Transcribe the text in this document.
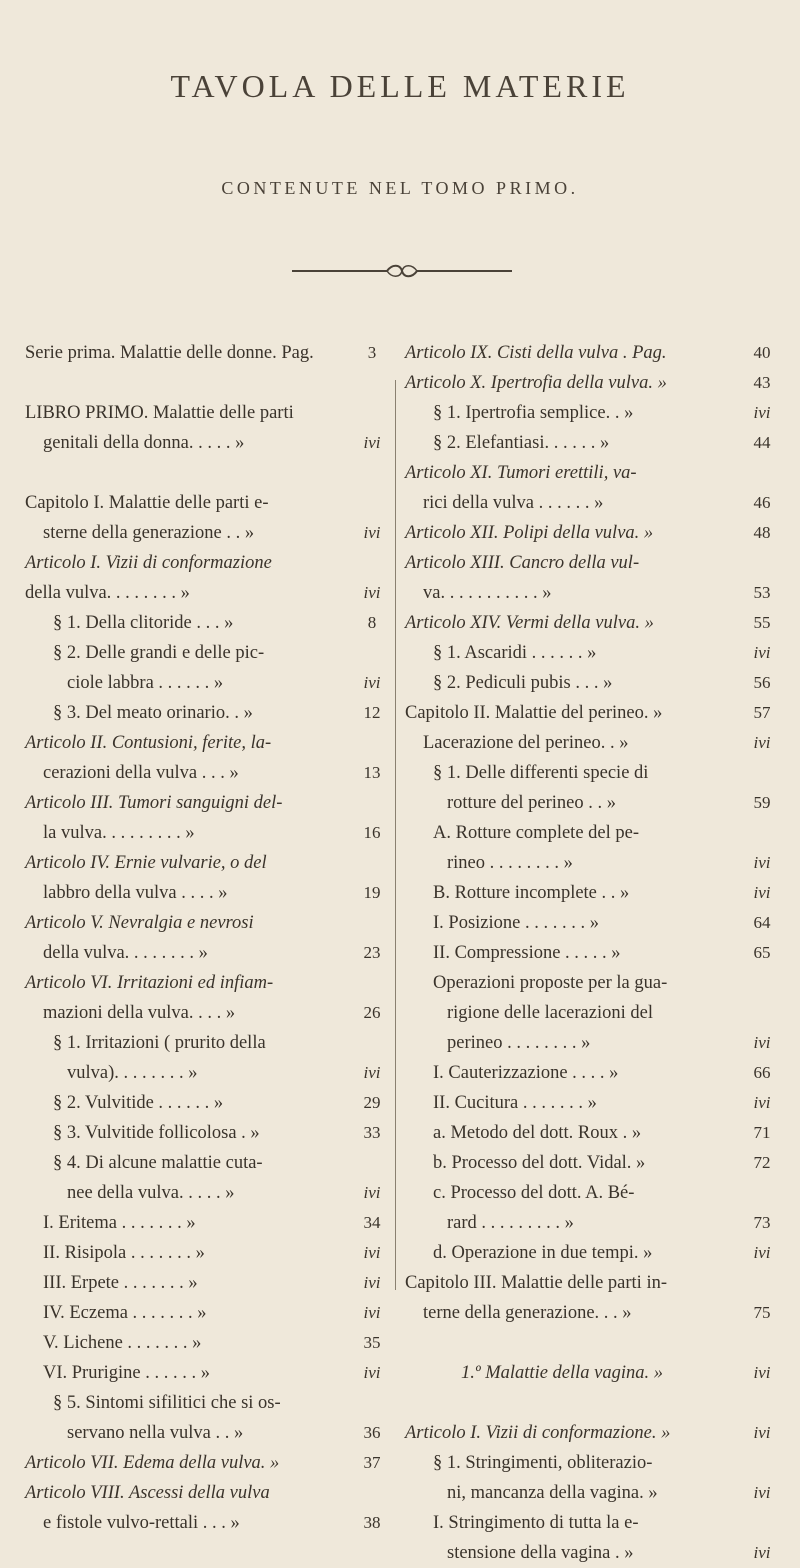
TAVOLA DELLE MATERIE
CONTENUTE NEL TOMO PRIMO.
Serie prima. Malattie delle donne. Pag.	3
LIBRO PRIMO. Malattie delle parti
genitali della donna. . . . . »	ivi
Capitolo I. Malattie delle parti e-
sterne della generazione . . »	ivi
Articolo I. Vizii di conformazione
della vulva. . . . . . . . »	ivi
§ 1. Della clitoride . . . »	8
§ 2. Delle grandi e delle pic-
ciole labbra . . . . . . »	ivi
§ 3. Del meato orinario. . »	12
Articolo II. Contusioni, ferite, la-
cerazioni della vulva . . . »	13
Articolo III. Tumori sanguigni del-
la vulva. . . . . . . . . »	16
Articolo IV. Ernie vulvarie, o del
labbro della vulva . . . . »	19
Articolo V. Nevralgia e nevrosi
della vulva. . . . . . . . »	23
Articolo VI. Irritazioni ed infiam-
mazioni della vulva. . . . »	26
§ 1. Irritazioni ( prurito della
vulva). . . . . . . . »	ivi
§ 2. Vulvitide . . . . . . »	29
§ 3. Vulvitide follicolosa . »	33
§ 4. Di alcune malattie cuta-
nee della vulva. . . . . »	ivi
I. Eritema . . . . . . . »	34
II. Risipola . . . . . . . »	ivi
III. Erpete . . . . . . . »	ivi
IV. Eczema . . . . . . . »	ivi
V. Lichene . . . . . . . »	35
VI. Prurigine . . . . . . »	ivi
§ 5. Sintomi sifilitici che si os-
servano nella vulva . . »	36
Articolo VII. Edema della vulva. »	37
Articolo VIII. Ascessi della vulva
e fistole vulvo-rettali . . . »	38
Articolo IX. Cisti della vulva . Pag.	40
Articolo X. Ipertrofia della vulva. »	43
§ 1. Ipertrofia semplice. . »	ivi
§ 2. Elefantiasi. . . . . . »	44
Articolo XI. Tumori erettili, va-
rici della vulva . . . . . . »	46
Articolo XII. Polipi della vulva. »	48
Articolo XIII. Cancro della vul-
va. . . . . . . . . . . »	53
Articolo XIV. Vermi della vulva. »	55
§ 1. Ascaridi . . . . . . »	ivi
§ 2. Pediculi pubis . . . »	56
Capitolo II. Malattie del perineo. »	57
Lacerazione del perineo. . »	ivi
§ 1. Delle differenti specie di
rotture del perineo . . »	59
A. Rotture complete del pe-
rineo . . . . . . . . »	ivi
B. Rotture incomplete . . »	ivi
I. Posizione . . . . . . . »	64
II. Compressione . . . . . »	65
Operazioni proposte per la gua-
rigione delle lacerazioni del
perineo . . . . . . . . »	ivi
I. Cauterizzazione . . . . »	66
II. Cucitura . . . . . . . »	ivi
a. Metodo del dott. Roux . »	71
b. Processo del dott. Vidal. »	72
c. Processo del dott. A. Bé-
rard . . . . . . . . . »	73
d. Operazione in due tempi. »	ivi
Capitolo III. Malattie delle parti in-
terne della generazione. . . »	75
1.º Malattie della vagina. »	ivi
Articolo I. Vizii di conformazione. »	ivi
§ 1. Stringimenti, obliterazio-
ni, mancanza della vagina. »	ivi
I. Stringimento di tutta la e-
stensione della vagina . »	ivi
